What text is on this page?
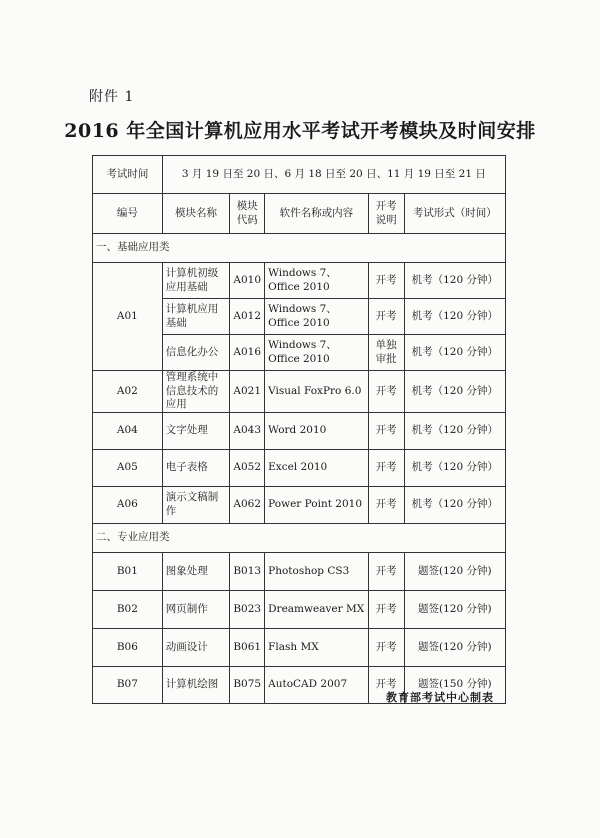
附件 1
2016 年全国计算机应用水平考试开考模块及时间安排
考试时间	3 月 19 日至 20 日、6 月 18 日至 20 日、11 月 19 日至 21 日				
编号	模块名称	模块代码	软件名称或内容	开考说明	考试形式（时间）
一、基础应用类					
A01	计算机初级应用基础	A010	Windows 7、Office 2010	开考	机考（120 分钟）
	计算机应用基础	A012	Windows 7、Office 2010	开考	机考（120 分钟）
	信息化办公	A016	Windows 7、Office 2010	单独审批	机考（120 分钟）
A02	管理系统中信息技术的应用	A021	Visual FoxPro 6.0	开考	机考（120 分钟）
A04	文字处理	A043	Word 2010	开考	机考（120 分钟）
A05	电子表格	A052	Excel 2010	开考	机考（120 分钟）
A06	演示文稿制作	A062	Power Point 2010	开考	机考（120 分钟）
二、专业应用类					
B01	图象处理	B013	Photoshop CS3	开考	题签(120 分钟)
B02	网页制作	B023	Dreamweaver MX	开考	题签(120 分钟)
B06	动画设计	B061	Flash MX	开考	题签(120 分钟)
B07	计算机绘图	B075	AutoCAD 2007	开考	题签(150 分钟)
教育部考试中心制表
